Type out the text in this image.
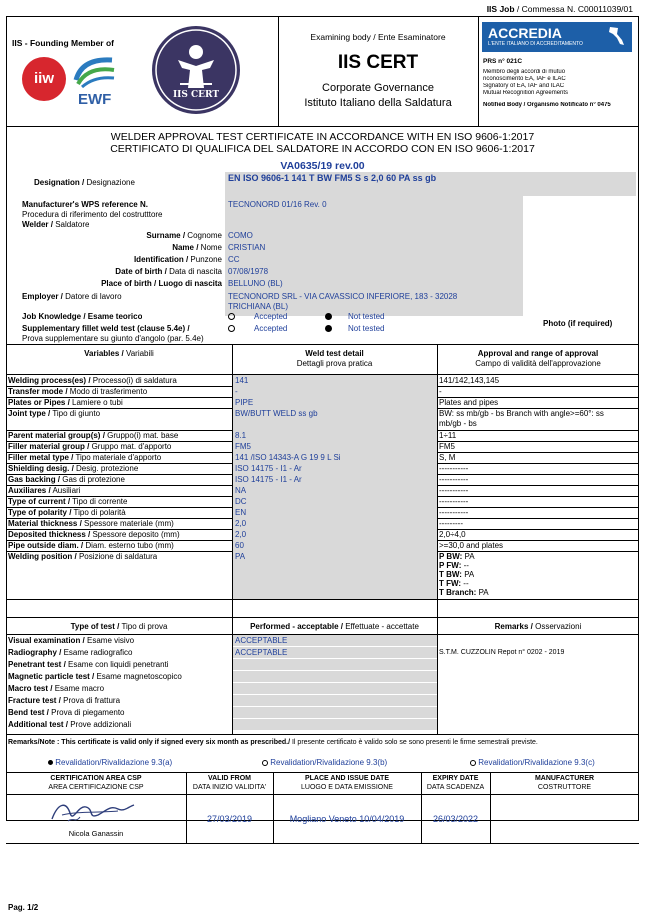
IIS Job / Commessa N. C00011039/01
IIS - Founding Member of
iiw
EWF	IIS CERT
Examining body / Ente Esaminatore
IIS CERT
Corporate Governance
Istituto Italiano della Saldatura
ACCREDIA
L'ENTE ITALIANO DI ACCREDITAMENTO
PRS n° 021C
Membro degli accordi di mutuo
riconoscimento EA, IAF e ILAC
Signatory of EA, IAF and ILAC
Mutual Recognition Agreements
Notified Body / Organismo Notificato n° 0475
WELDER APPROVAL TEST CERTIFICATE IN ACCORDANCE WITH EN ISO 9606-1:2017
CERTIFICATO DI QUALIFICA DEL SALDATORE IN ACCORDO CON EN ISO 9606-1:2017
VA0635/19 rev.00
Designation / Designazione	EN ISO 9606-1 141 T BW FM5 S s 2,0 60 PA ss gb
Manufacturer's WPS reference N.
Procedura di riferimento del costrutttore
TECNONORD 01/16 Rev. 0
Welder / Saldatore
Surname / Cognome COMO
Name / Nome CRISTIAN
Identification / Punzone CC
Date of birth / Data di nascita 07/08/1978
Place of birth / Luogo di nascita BELLUNO (BL)
Employer / Datore di lavoro	TECNONORD SRL - VIA CAVASSICO INFERIORE, 183 - 32028
TRICHIANA (BL)
Job Knowledge / Esame teorico	Accepted	Not tested
Supplementary fillet weld test (clause 5.4e) /
Prova supplementare su giunto d'angolo (par. 5.4e)
Accepted	Not tested
Photo (if required)
Variables / Variabili	Weld test detail
Dettagli prova pratica
Approval and range of approval
Campo di validità dell'approvazione
Welding process(es) / Processo(i) di saldatura	141	141/142,143,145
Transfer mode / Modo di trasferimento	-	-
Plates or Pipes / Lamiere o tubi	PIPE	Plates and pipes
Joint type / Tipo di giunto	BW/BUTT WELD ss gb	BW: ss mb/gb - bs Branch with angle>=60°: ss
mb/gb - bs
Parent material group(s) / Gruppo(i) mat. base	8.1	1÷11
Filler material group / Gruppo mat. d'apporto	FM5	FM5
Filler metal type / Tipo materiale d'apporto	141 /ISO 14343-A G 19 9 L Si	S, M
Shielding desig. / Desig. protezione	ISO 14175 - I1 - Ar	-----------
Gas backing / Gas di protezione	ISO 14175 - I1 - Ar	-----------
Auxiliares / Ausiliari	NA	-----------
Type of current / Tipo di corrente	DC	-----------
Type of polarity / Tipo di polarità	EN	-----------
Material thickness / Spessore materiale (mm)	2,0	---------
Deposited thickness / Spessore deposito (mm)	2,0	2,0÷4,0
Pipe outside diam. / Diam. esterno tubo (mm)	60	>=30,0 and plates
Welding position / Posizione di saldatura	PA	P BW: PA
P FW: --
T BW: PA
T FW: --
T Branch: PA
Type of test / Tipo di prova	Performed - acceptable / Effettuate - accettate	Remarks / Osservazioni
Visual examination / Esame visivo	ACCEPTABLE
Radiography / Esame radiografico	ACCEPTABLE	S.T.M. CUZZOLIN Repot n° 0202 - 2019
Penetrant test / Esame con liquidi penetranti
Magnetic particle test / Esame magnetoscopico
Macro test / Esame macro
Fracture test / Prova di frattura
Bend test / Prova di piegamento
Additional test / Prove addizionali
Remarks/Note : This certificate is valid only if signed every six month as prescribed./ Il presente certificato è valido solo se sono presenti le firme semestrali previste.
Revalidation/Rivalidazione 9.3(a)	Revalidation/Rivalidazione 9.3(b)	Revalidation/Rivalidazione 9.3(c)
CERTIFICATION AREA CSP
AREA CERTIFICAZIONE CSP
VALID FROM
DATA INIZIO VALIDITA'
PLACE AND ISSUE DATE
LUOGO E DATA EMISSIONE
EXPIRY DATE
DATA SCADENZA
MANUFACTURER
COSTRUTTORE
Nicola Ganassin
27/03/2019	Mogliano Veneto 10/04/2019	26/03/2022
Pag. 1/2
